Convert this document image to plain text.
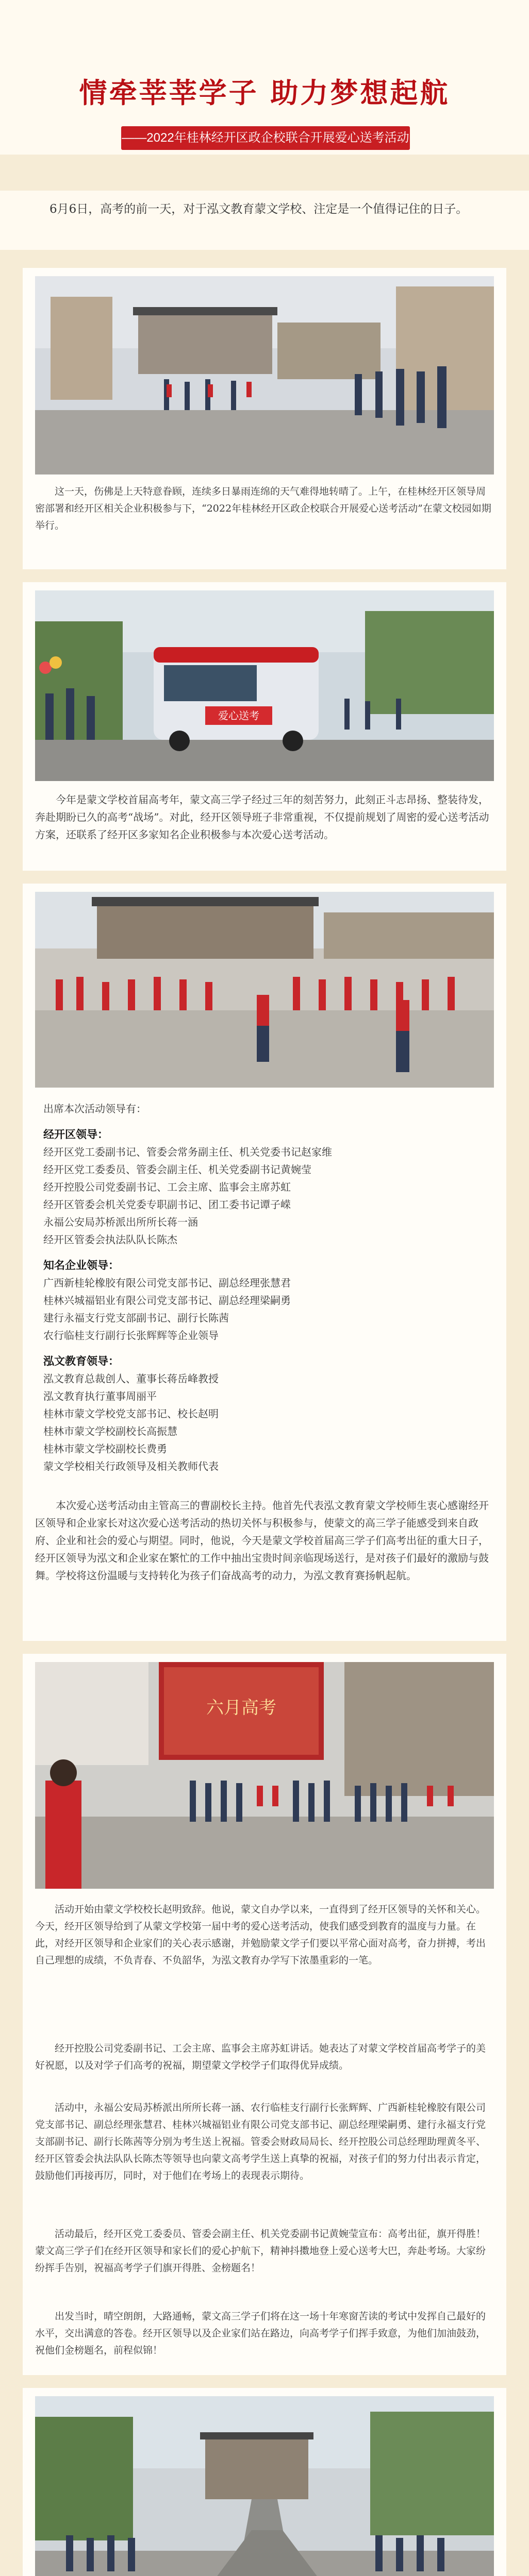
情牵莘莘学子 助力梦想起航
——2022年桂林经开区政企校联合开展爱心送考活动
6月6日，高考的前一天，对于泓文教育蒙文学校、注定是一个值得记住的日子。
这一天，伤佛是上天特意眷顾，连续多日暴雨连绵的天气难得地转晴了。上午，在桂林经开区领导周密部署和经开区相关企业积极参与下，“2022年桂林经开区政企校联合开展爱心送考活动”在蒙文校园如期举行。
爱心送考
今年是蒙文学校首届高考年，蒙文高三学子经过三年的刻苦努力，此刻正斗志昂扬、整装待发，奔赴期盼已久的高考“战场”。对此，经开区领导班子非常重视，不仅提前规划了周密的爱心送考活动方案，还联系了经开区多家知名企业积极参与本次爱心送考活动。

出席本次活动领导有：

经开区领导：

经开区党工委副书记、管委会常务副主任、机关党委书记赵家维

经开区党工委委员、管委会副主任、机关党委副书记黄婉莹

经开控股公司党委副书记、工会主席、监事会主席苏虹

经开区管委会机关党委专职副书记、团工委书记谭子嵘

永福公安局苏桥派出所所长蒋一涵

经开区管委会执法队队长陈杰

知名企业领导：

广西新桂轮橡胶有限公司党支部书记、副总经理张慧君

桂林兴城福铝业有限公司党支部书记、副总经理梁嗣勇

建行永福支行党支部副书记、副行长陈茜

农行临桂支行副行长张辉辉等企业领导

泓文教育领导：

泓文教育总裁创人、董事长蒋岳峰教授

泓文教育执行董事周丽平

桂林市蒙文学校党支部书记、校长赵明

桂林市蒙文学校副校长高振慧

桂林市蒙文学校副校长费勇

蒙文学校相关行政领导及相关教师代表

本次爱心送考活动由主管高三的曹副校长主持。他首先代表泓文教育蒙文学校师生衷心感谢经开区领导和企业家长对这次爱心送考活动的热切关怀与积极参与，使蒙文的高三学子能感受到来自政府、企业和社会的爱心与期望。同时，他说，今天是蒙文学校首届高三学子们高考出征的重大日子，经开区领导为泓文和企业家在繁忙的工作中抽出宝贵时间亲临现场送行，是对孩子们最好的激励与鼓舞。学校将这份温暖与支持转化为孩子们奋战高考的动力，为泓文教育赛扬帆起航。
六月高考
活动开始由蒙文学校校长赵明致辞。他说，蒙文自办学以来，一直得到了经开区领导的关怀和关心。今天，经开区领导给到了从蒙文学校第一届中考的爱心送考活动，使我们感受到教育的温度与力量。在此，对经开区领导和企业家们的关心表示感谢，并勉励蒙文学子们要以平常心面对高考，奋力拼搏，考出自己理想的成绩，不负青春、不负韶华，为泓文教育办学写下浓墨重彩的一笔。
经开控股公司党委副书记、工会主席、监事会主席苏虹讲话。她表达了对蒙文学校首届高考学子的美好祝愿，以及对学子们高考的祝福，期望蒙文学校学子们取得优异成绩。
活动中，永福公安局苏桥派出所所长蒋一涵、农行临桂支行副行长张辉辉、广西新桂轮橡胶有限公司党支部书记、副总经理张慧君、桂林兴城福铝业有限公司党支部书记、副总经理梁嗣勇、建行永福支行党支部副书记、副行长陈茜等分别为考生送上祝福。管委会财政局局长、经开控股公司总经理助理黄冬平、经开区管委会执法队队长陈杰等领导也向蒙文高考学生送上真挚的祝福，对孩子们的努力付出表示肯定，鼓励他们再接再厉，同时，对于他们在考场上的表现表示期待。
活动最后，经开区党工委委员、管委会副主任、机关党委副书记黄婉莹宣布：高考出征，旗开得胜！蒙文高三学子们在经开区领导和家长们的爱心护航下，精神抖擞地登上爱心送考大巴，奔赴考场。大家纷纷挥手告别，祝福高考学子们旗开得胜、金榜题名！
出发当时，晴空朗朗，大路通畅，蒙文高三学子们将在这一场十年寒窗苦读的考试中发挥自己最好的水平，交出满意的答卷。经开区领导以及企业家们站在路边，向高考学子们挥手致意，为他们加油鼓劲，祝他们金榜题名，前程似锦！
